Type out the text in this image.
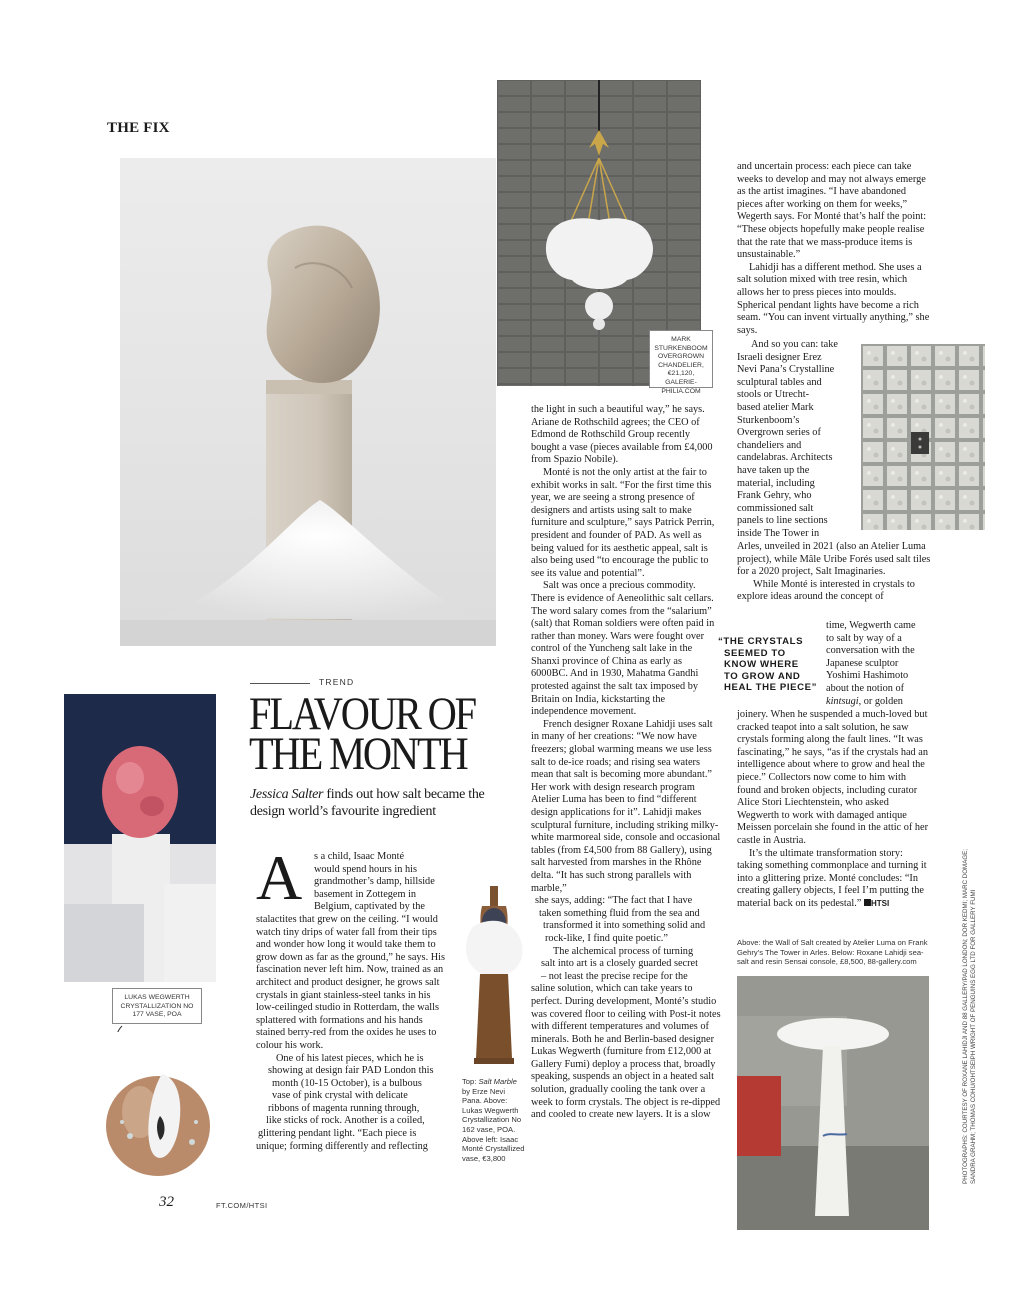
THE FIX
MARK STURKENBOOM OVERGROWN CHANDELIER, €21,120, GALERIE-PHILIA.COM
LUKAS WEGWERTH CRYSTALLIZATION NO 177 VASE, POA
TREND
FLAVOUR OF
THE MONTH
Jessica Salter finds out how salt became the
design world’s favourite ingredient
A	s a child, Isaac Monté
would spend hours in his
grandmother’s damp, hillside
basement in Zottegem in
Belgium, captivated by the

stalactites that grew on the ceiling. “I would watch tiny drips of water fall from their tips and wonder how long it would take them to grow down as far as the ground,” he says. His fascination never left him. Now, trained as an architect and product designer, he grows salt crystals in giant stainless-steel tanks in his low-ceilinged studio in Rotterdam, the walls splattered with formations and his hands stained berry-red from the oxides he uses to colour his work.

One of his latest pieces, which he is
showing at design fair PAD London this
month (10-15 October), is a bulbous
vase of pink crystal with delicate
ribbons of magenta running through,
like sticks of rock. Another is a coiled,
glittering pendant light. “Each piece is
unique; forming differently and reflecting
Top: Salt Marble by Erze Nevi Pana. Above: Lukas Wegwerth Crystallization No 162 vase, POA. Above left: Isaac Monté Crystallized vase, €3,800

the light in such a beautiful way,” he says. Ariane de Rothschild agrees; the CEO of Edmond de Rothschild Group recently bought a vase (pieces available from £4,000 from Spazio Nobile).

Monté is not the only artist at the fair to exhibit works in salt. “For the first time this year, we are seeing a strong presence of designers and artists using salt to make furniture and sculpture,” says Patrick Perrin, president and founder of PAD. As well as being valued for its aesthetic appeal, salt is also being used “to encourage the public to see its value and potential”.

Salt was once a precious commodity. There is evidence of Aeneolithic salt cellars. The word salary comes from the “salarium” (salt) that Roman soldiers were often paid in rather than money. Wars were fought over control of the Yuncheng salt lake in the Shanxi province of China as early as 6000BC. And in 1930, Mahatma Gandhi protested against the salt tax imposed by Britain on India, kickstarting the independence movement.

French designer Roxane Lahidji uses salt in many of her creations: “We now have freezers; global warming means we use less salt to de-ice roads; and rising sea waters mean that salt is becoming more abundant.” Her work with design research program Atelier Luma has been to find “different design applications for it”. Lahidji makes sculptural furniture, including striking milky-white marmoreal side, console and occasional tables (from £4,500 from 88 Gallery), using salt harvested from marshes in the Rhône delta. “It has such strong parallels with marble,”

she says, adding: “The fact that I have
taken something fluid from the sea and
transformed it into something solid and
rock-like, I find quite poetic.”
The alchemical process of turning
salt into art is a closely guarded secret
– not least the precise recipe for the

saline solution, which can take years to perfect. During development, Monté’s studio was covered floor to ceiling with Post-it notes with different temperatures and volumes of minerals. Both he and Berlin-based designer Lukas Wegwerth (furniture from £12,000 at Gallery Fumi) deploy a process that, broadly speaking, suspends an object in a heated salt solution, gradually cooling the tank over a week to form crystals. The object is re-dipped and cooled to create new layers. It is a slow

“THE CRYSTALS
SEEMED TO
KNOW WHERE
TO GROW AND
HEAL THE PIECE”

and uncertain process: each piece can take weeks to develop and may not always emerge as the artist imagines. “I have abandoned pieces after working on them for weeks,” Wegerth says. For Monté that’s half the point: “These objects hopefully make people realise that the rate that we mass-produce items is unsustainable.”

Lahidji has a different method. She uses a salt solution mixed with tree resin, which allows her to press pieces into moulds. Spherical pendant lights have become a rich seam. “You can invent virtually anything,” she says.

And so you can: take
Israeli designer Erez
Nevi Pana’s Crystalline
sculptural tables and
stools or Utrecht-
based atelier Mark
Sturkenboom’s
Overgrown series of
chandeliers and
candelabras. Architects
have taken up the
material, including
Frank Gehry, who
commissioned salt
panels to line sections
inside The Tower in

Arles, unveiled in 2021 (also an Atelier Luma project), while Mâle Uribe Forés used salt tiles for a 2020 project, Salt Imaginaries.

While Monté is interested in crystals to explore ideas around the concept of

time, Wegwerth came
to salt by way of a
conversation with the
Japanese sculptor
Yoshimi Hashimoto
about the notion of
kintsugi, or golden

joinery. When he suspended a much-loved but cracked teapot into a salt solution, he saw crystals forming along the fault lines. “It was fascinating,” he says, “as if the crystals had an intelligence about where to grow and heal the piece.” Collectors now come to him with found and broken objects, including curator Alice Stori Liechtenstein, who asked Wegwerth to work with damaged antique Meissen porcelain she found in the attic of her castle in Austria.

It’s the ultimate transformation story: taking something commonplace and turning it into a glittering prize. Monté concludes: “In creating gallery objects, I feel I’m putting the material back on its pedestal.” HTSI

Above: the Wall of Salt created by Atelier Luma on Frank Gehry’s The Tower in Arles. Below: Roxane Lahidji sea-salt and resin Sensai console, £8,500, 88-gallery.com	PHOTOGRAPHS: COURTESY OF ROXANE LAHIDJI AND 88 GALLERY/PAD LONDON; DOR KEDMI; MARC DOMAGE; SANDRA GRAHM; THOMAS COHU/OHTSEIPH WRIGHT OF PENGUINS EGG LTD FOR GALLERY FUMI
32	FT.COM/HTSI
